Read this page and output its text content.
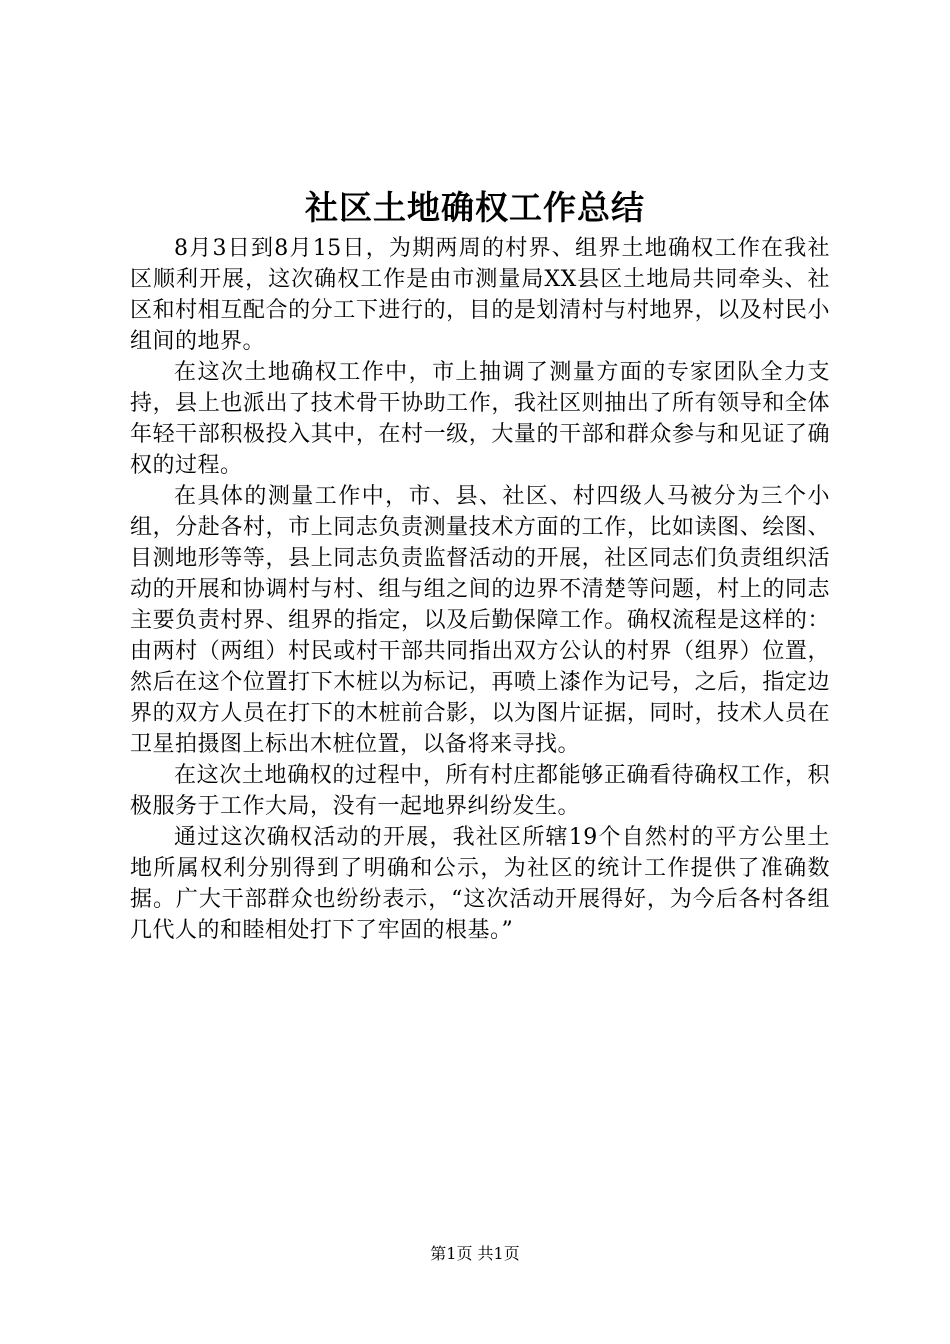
社区土地确权工作总结

8月3日到8月15日，为期两周的村界、组界土地确权工作在我社区顺利开展，这次确权工作是由市测量局XX县区土地局共同牵头、社区和村相互配合的分工下进行的，目的是划清村与村地界，以及村民小组间的地界。

在这次土地确权工作中，市上抽调了测量方面的专家团队全力支持，县上也派出了技术骨干协助工作，我社区则抽出了所有领导和全体年轻干部积极投入其中，在村一级，大量的干部和群众参与和见证了确权的过程。

在具体的测量工作中，市、县、社区、村四级人马被分为三个小组，分赴各村，市上同志负责测量技术方面的工作，比如读图、绘图、目测地形等等，县上同志负责监督活动的开展，社区同志们负责组织活动的开展和协调村与村、组与组之间的边界不清楚等问题，村上的同志主要负责村界、组界的指定，以及后勤保障工作。确权流程是这样的：由两村（两组）村民或村干部共同指出双方公认的村界（组界）位置，然后在这个位置打下木桩以为标记，再喷上漆作为记号，之后，指定边界的双方人员在打下的木桩前合影，以为图片证据，同时，技术人员在卫星拍摄图上标出木桩位置，以备将来寻找。

在这次土地确权的过程中，所有村庄都能够正确看待确权工作，积极服务于工作大局，没有一起地界纠纷发生。

通过这次确权活动的开展，我社区所辖19个自然村的平方公里土地所属权利分别得到了明确和公示，为社区的统计工作提供了准确数据。广大干部群众也纷纷表示，“这次活动开展得好，为今后各村各组几代人的和睦相处打下了牢固的根基。”

第1页 共1页
